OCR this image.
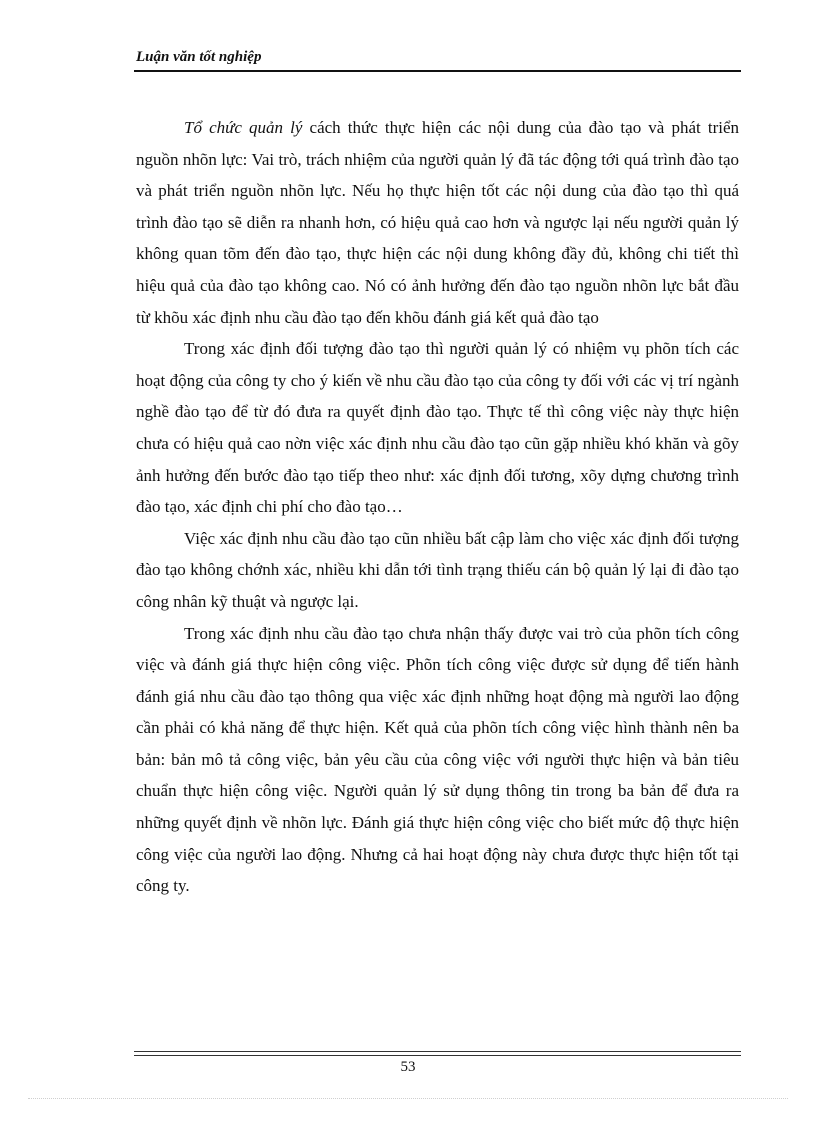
Luận văn tốt nghiệp

Tổ chức quản lý cách thức thực hiện các nội dung của đào tạo và phát triển nguồn nhõn lực: Vai trò, trách nhiệm của người quản lý đã tác động tới quá trình đào tạo và phát triển nguồn nhõn lực. Nếu họ thực hiện tốt các nội dung của đào tạo thì quá trình đào tạo sẽ diễn ra nhanh hơn, có hiệu quả cao hơn và ngược lại nếu người quản lý không quan tõm đến đào tạo, thực hiện các nội dung không đầy đủ, không chi tiết thì hiệu quả của đào tạo không cao. Nó có ảnh hưởng đến đào tạo nguồn nhõn lực bắt đầu từ khõu xác định nhu cầu đào tạo đến khõu đánh giá kết quả đào tạo

Trong xác định đối tượng đào tạo thì người quản lý có nhiệm vụ phõn tích các hoạt động của công ty cho ý kiến về nhu cầu đào tạo của công ty đối với các vị trí ngành nghề đào tạo để từ đó đưa ra quyết định đào tạo. Thực tế thì công việc này thực hiện chưa có hiệu quả cao nờn việc xác định nhu cầu đào tạo cũn gặp nhiều khó khăn và gõy ảnh hưởng đến bước đào tạo tiếp theo như: xác định đối tương, xõy dựng chương trình đào tạo, xác định chi phí cho đào tạo…

Việc xác định nhu cầu đào tạo cũn nhiều bất cập làm cho việc xác định đối tượng đào tạo không chớnh xác, nhiều khi dẫn tới tình trạng thiếu cán bộ quản lý lại đi đào tạo công nhân kỹ thuật và ngược lại.

Trong xác định nhu cầu đào tạo chưa nhận thấy được vai trò của phõn tích công việc và đánh giá thực hiện công việc. Phõn tích công việc được sử dụng để tiến hành đánh giá nhu cầu đào tạo thông qua việc xác định những hoạt động mà người lao động cần phải có khả năng để thực hiện. Kết quả của phõn tích công việc hình thành nên ba bản: bản mô tả công việc, bản yêu cầu của công việc với người thực hiện và bản tiêu chuẩn thực hiện công việc. Người quản lý sử dụng thông tin trong ba bản để đưa ra những quyết định về nhõn lực. Đánh giá thực hiện công việc cho biết mức độ thực hiện công việc của người lao động. Nhưng cả hai hoạt động này chưa được thực hiện tốt tại công ty.

53
